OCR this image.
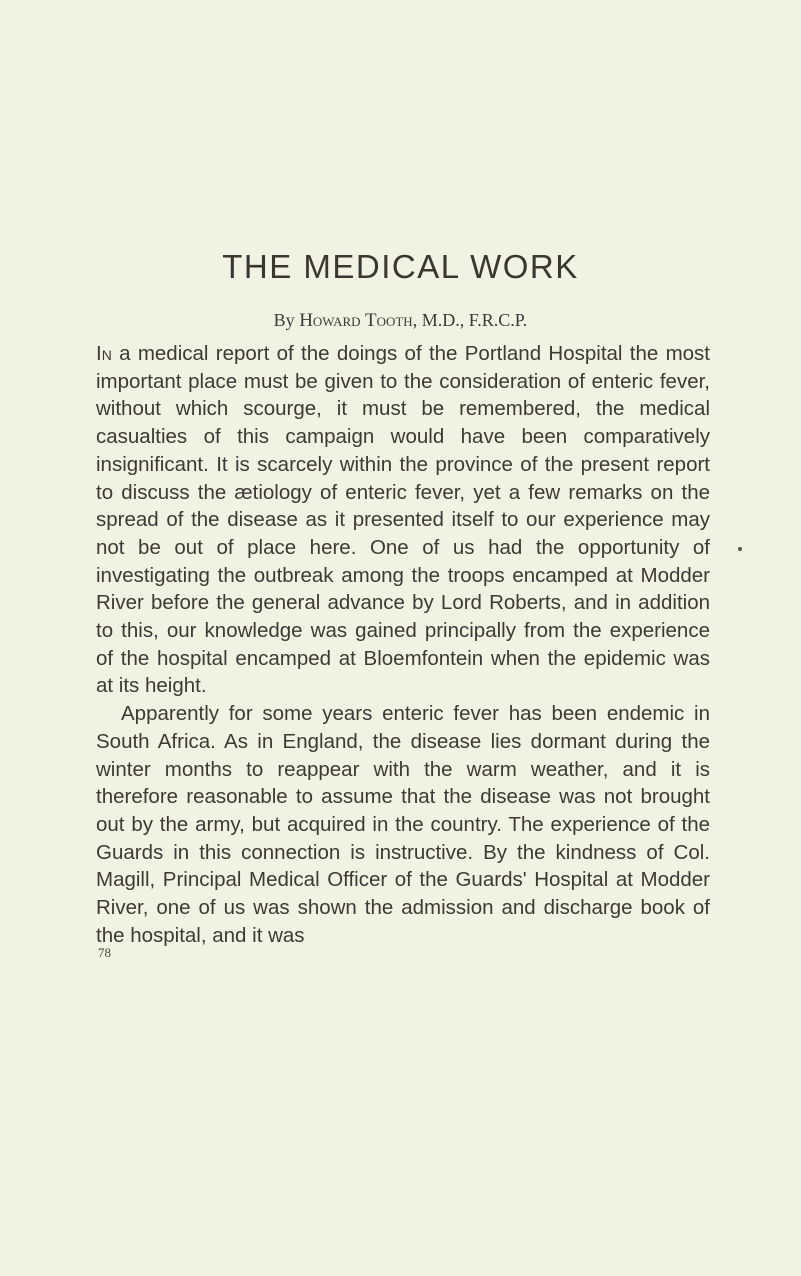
THE MEDICAL WORK
By Howard Tooth, M.D., F.R.C.P.

In a medical report of the doings of the Portland Hospital the most important place must be given to the consideration of enteric fever, without which scourge, it must be remembered, the medical casualties of this campaign would have been comparatively insignificant. It is scarcely within the province of the present report to discuss the ætiology of enteric fever, yet a few remarks on the spread of the disease as it presented itself to our experience may not be out of place here. One of us had the opportunity of investigating the outbreak among the troops encamped at Modder River before the general advance by Lord Roberts, and in addition to this, our knowledge was gained principally from the experience of the hospital encamped at Bloemfontein when the epidemic was at its height.

Apparently for some years enteric fever has been endemic in South Africa. As in England, the disease lies dormant during the winter months to reappear with the warm weather, and it is therefore reasonable to assume that the disease was not brought out by the army, but acquired in the country. The experience of the Guards in this connection is instructive. By the kindness of Col. Magill, Principal Medical Officer of the Guards' Hospital at Modder River, one of us was shown the admission and discharge book of the hospital, and it was

78
